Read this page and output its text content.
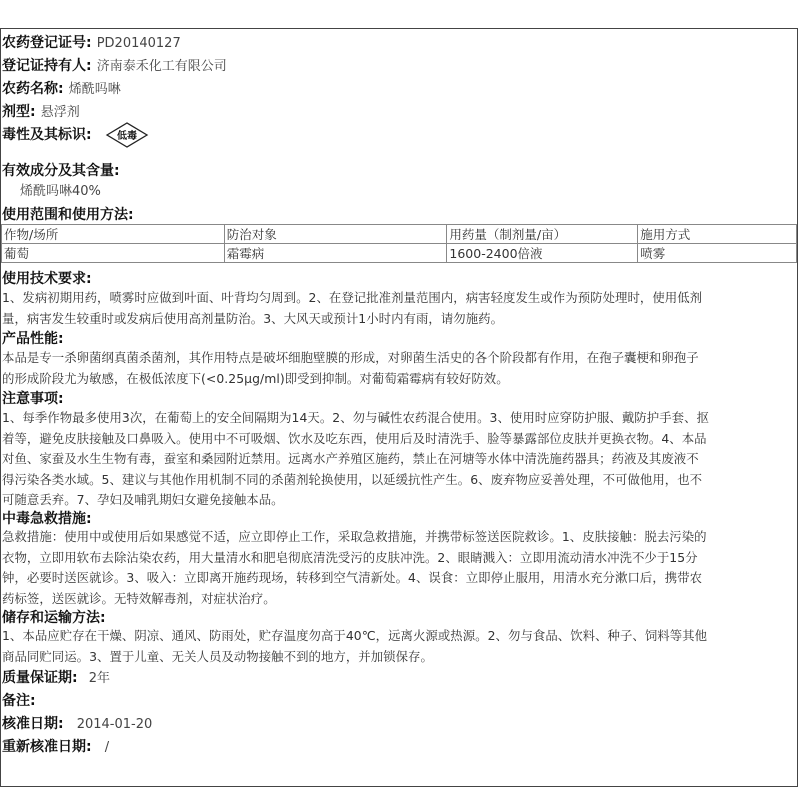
农药登记证号: PD20140127
登记证持有人: 济南泰禾化工有限公司
农药名称: 烯酰吗啉
剂型: 悬浮剂
毒性及其标识:	低毒
有效成分及其含量:
烯酰吗啉40%
使用范围和使用方法:
作物/场所	防治对象	用药量（制剂量/亩）	施用方式
葡萄	霜霉病	1600-2400倍液	喷雾
使用技术要求:
1、发病初期用药，喷雾时应做到叶面、叶背均匀周到。2、在登记批准剂量范围内，病害轻度发生或作为预防处理时，使用低剂
量，病害发生较重时或发病后使用高剂量防治。3、大风天或预计1小时内有雨，请勿施药。
产品性能:
本品是专一杀卵菌纲真菌杀菌剂，其作用特点是破坏细胞壁膜的形成，对卵菌生活史的各个阶段都有作用，在孢子囊梗和卵孢子
的形成阶段尤为敏感，在极低浓度下(<0.25μg/ml)即受到抑制。对葡萄霜霉病有较好防效。
注意事项:
1、每季作物最多使用3次，在葡萄上的安全间隔期为14天。2、勿与碱性农药混合使用。3、使用时应穿防护服、戴防护手套、抠
着等，避免皮肤接触及口鼻吸入。使用中不可吸烟、饮水及吃东西，使用后及时清洗手、脸等暴露部位皮肤并更换衣物。4、本品
对鱼、家蚕及水生生物有毒，蚕室和桑园附近禁用。远离水产养殖区施药，禁止在河塘等水体中清洗施药器具；药液及其废液不
得污染各类水域。5、建议与其他作用机制不同的杀菌剂轮换使用，以延缓抗性产生。6、废弃物应妥善处理，不可做他用，也不
可随意丢弃。7、孕妇及哺乳期妇女避免接触本品。
中毒急救措施:
急救措施：使用中或使用后如果感觉不适，应立即停止工作，采取急救措施，并携带标签送医院救诊。1、皮肤接触：脱去污染的
衣物，立即用软布去除沾染农药，用大量清水和肥皂彻底清洗受污的皮肤冲洗。2、眼睛溅入：立即用流动清水冲洗不少于15分
钟，必要时送医就诊。3、吸入：立即离开施药现场，转移到空气清新处。4、误食：立即停止服用，用清水充分漱口后，携带农
药标签，送医就诊。无特效解毒剂，对症状治疗。
储存和运输方法:
1、本品应贮存在干燥、阴凉、通风、防雨处，贮存温度勿高于40℃，远离火源或热源。2、勿与食品、饮料、种子、饲料等其他
商品同贮同运。3、置于儿童、无关人员及动物接触不到的地方，并加锁保存。
质量保证期: 2年
备注:
核准日期: 2014-01-20
重新核准日期: /
